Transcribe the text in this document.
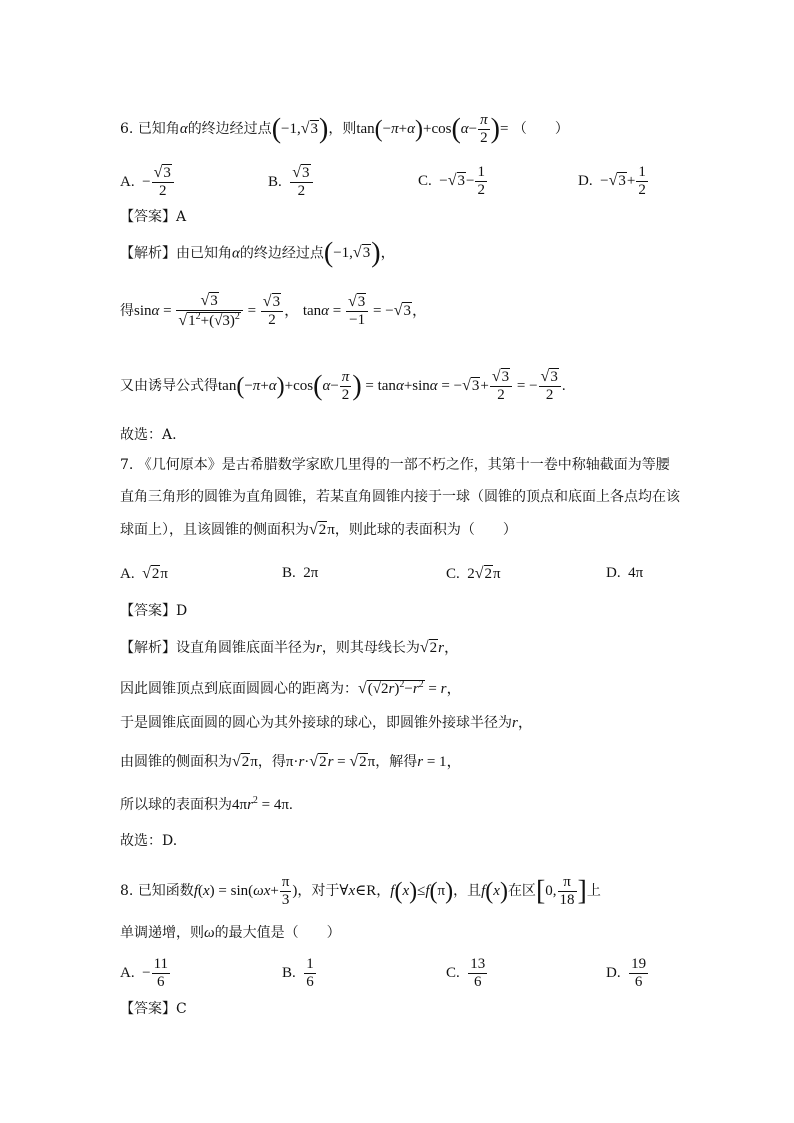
6. 已知角α的终边经过点(−1,√3)，则$\tan(-\pi+\alpha)+\cos(\alpha- \frac{\pi}{2}$ )= （　　）
A.  − $\frac{√3}{2}$	B. $\frac{√3}{2}$	C.  $-√3- \frac{1}{2}$	D.  $-√3+ \frac{1}{2}$
【答案】A
【解析】由已知角α的终边经过点(−1,√3)，
得$\sin\alpha = \frac{√3}{√1^2+(√3)^2} = \frac{√3}{2}$ ， $\tan\alpha = \frac{√3}{-1} = -√3$，
又由诱导公式得$\tan(-\pi+\alpha)+\cos(\alpha- \frac{\pi}{2}$ ) = $\tan\alpha+\sin\alpha = -√3+ \frac{√3}{2}$ = − $\frac{√3}{2}$ .
故选：A.
7. 《几何原本》是古希腊数学家欧几里得的一部不朽之作，其第十一卷中称轴截面为等腰
直角三角形的圆锥为直角圆锥，若某直角圆锥内接于一球（圆锥的顶点和底面上各点均在该
球面上），且该圆锥的侧面积为√2π，则此球的表面积为（　　）
A. √2π	B. 2π	C.  2√2π	D. 4π
【答案】D
【解析】设直角圆锥底面半径为r，则其母线长为√2r，
因此圆锥顶点到底面圆圆心的距离为：$√(√2r)^2-r^2 = r$，
于是圆锥底面圆的圆心为其外接球的球心，即圆锥外接球半径为r，
由圆锥的侧面积为√2π，得π·r·√2r = √2π，解得r = 1，
所以球的表面积为$4\pi r^2 = 4\pi$.
故选：D.
8. 已知函数$f(x) = \sin(\omega x+ \frac{\pi}{3}$ )，对于∀x∈R，f(x)≤f(π)，且f(x)在区[0, $\frac{\pi}{18}$ ]上
单调递增，则ω的最大值是（　　）
A.  − $\frac{11}{6}$	B. $\frac{1}{6}$	C. $\frac{13}{6}$	D. $\frac{19}{6}$
【答案】C
